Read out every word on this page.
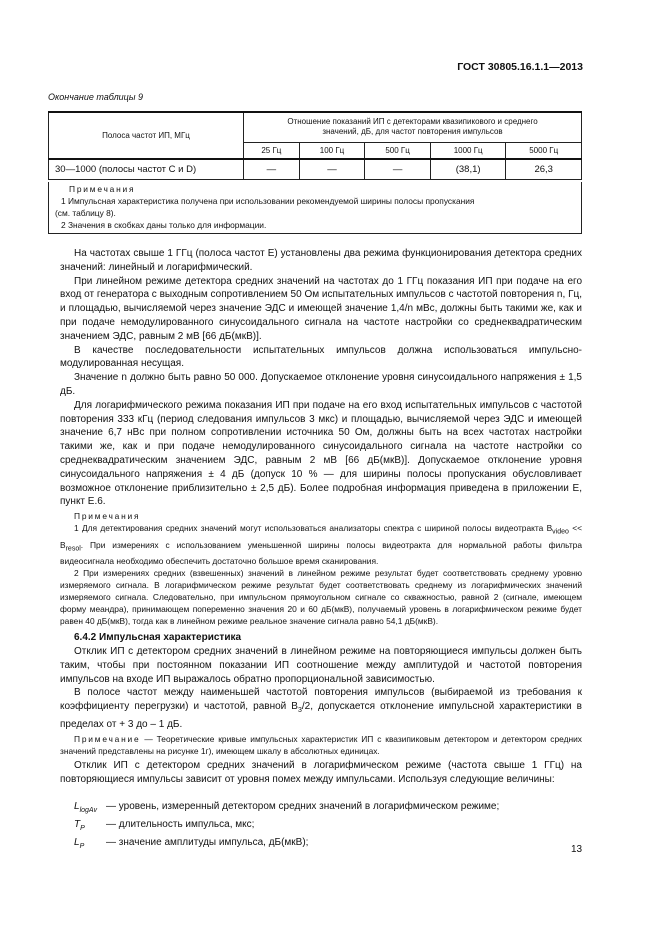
ГОСТ 30805.16.1.1—2013
Окончание таблицы 9
Полоса частот ИП, МГц	Отношение показаний ИП с детекторами квазипикового и среднего
значений, дБ, для частот повторения импульсов				
	25 Гц	100 Гц	500 Гц	1000 Гц	5000 Гц
30—1000 (полосы частот C и D)	—	—	—	(38,1)	26,3
Примечания
1 Импульсная характеристика получена при использовании рекомендуемой ширины полосы пропускания
(см. таблицу 8).
2 Значения в скобках даны только для информации.

На частотах свыше 1 ГГц (полоса частот Е) установлены два режима функционирования детектора средних значений: линейный и логарифмический.

При линейном режиме детектора средних значений на частотах до 1 ГГц показания ИП при подаче на его вход от генератора с выходным сопротивлением 50 Ом испытательных импульсов с частотой повторения n, Гц, и площадью, вычисляемой через значение ЭДС и имеющей значение 1,4/n мВс, должны быть такими же, как и при подаче немодулированного синусоидального сигнала на частоте настройки со среднеквадратическим значением ЭДС, равным 2 мВ [66 дБ(мкВ)].

В качестве последовательности испытательных импульсов должна использоваться импульсно-модулированная несущая.

Значение n должно быть равно 50 000. Допускаемое отклонение уровня синусоидального напряжения ± 1,5 дБ.

Для логарифмического режима показания ИП при подаче на его вход испытательных импульсов с частотой повторения 333 кГц (период следования импульсов 3 мкс) и площадью, вычисляемой через ЭДС и имеющей значение 6,7 нВс при полном сопротивлении источника 50 Ом, должны быть на всех частотах настройки такими же, как и при подаче немодулированного синусоидального сигнала на частоте настройки со среднеквадратическим значением ЭДС, равным 2 мВ [66 дБ(мкВ)]. Допускаемое отклонение уровня синусоидального напряжения ± 4 дБ (допуск 10 % — для ширины полосы пропускания обусловливает возможное отклонение приблизительно ± 2,5 дБ). Более подробная информация приведена в приложении Е, пункт Е.6.

Примечания

1 Для детектирования средних значений могут использоваться анализаторы спектра с шириной полосы видеотракта $B_{video} << B_{resol}$. При измерениях с использованием уменьшенной ширины полосы видеотракта для нормальной работы фильтра видеосигнала необходимо обеспечить достаточно большое время сканирования.

2 При измерениях средних (взвешенных) значений в линейном режиме результат будет соответствовать среднему уровню измеряемого сигнала. В логарифмическом режиме результат будет соответствовать среднему из логарифмических значений измеряемого сигнала. Следовательно, при импульсном прямоугольном сигнале со скважностью, равной 2 (сигнале, имеющем форму меандра), принимающем попеременно значения 20 и 60 дБ(мкВ), получаемый уровень в логарифмическом режиме будет равен 40 дБ(мкВ), тогда как в линейном режиме реальное значение сигнала равно 54,1 дБ(мкВ).

6.4.2 Импульсная характеристика

Отклик ИП с детектором средних значений в линейном режиме на повторяющиеся импульсы должен быть таким, чтобы при постоянном показании ИП соотношение между амплитудой и частотой повторения импульсов на входе ИП выражалось обратно пропорциональной зависимостью.

В полосе частот между наименьшей частотой повторения импульсов (выбираемой из требования к коэффициенту перегрузки) и частотой, равной $B_3/2$, допускается отклонение импульсной характеристики в пределах от + 3 до – 1 дБ.

Примечание — Теоретические кривые импульсных характеристик ИП с квазипиковым детектором и детектором средних значений представлены на рисунке 1г), имеющем шкалу в абсолютных единицах.

Отклик ИП с детектором средних значений в логарифмическом режиме (частота свыше 1 ГГц) на повторяющиеся импульсы зависит от уровня помех между импульсами. Используя следующие величины:

$L_{logAv}$ — уровень, измеренный детектором средних значений в логарифмическом режиме;
$T_P$	— длительность импульса, мкс;
$L_P$	— значение амплитуды импульса, дБ(мкВ);
13
